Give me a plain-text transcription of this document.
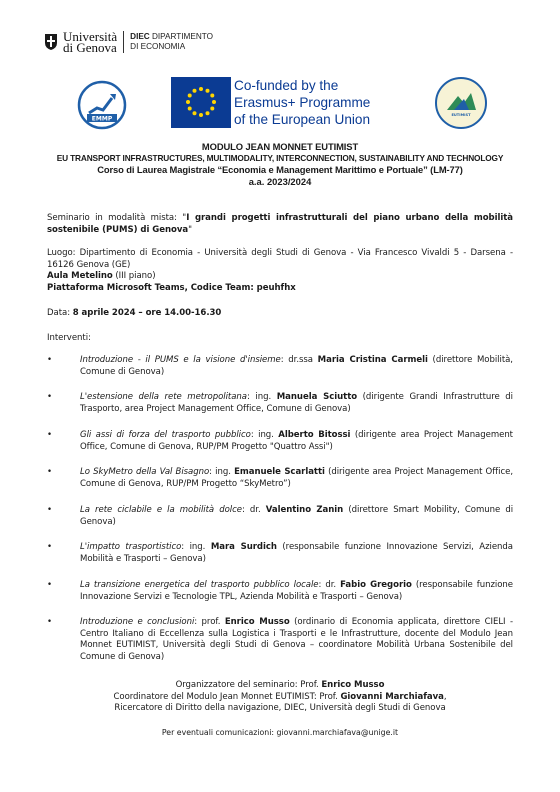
Università
di Genova
DIEC DIPARTIMENTO
DI ECONOMIA
EMMP
Co-funded by the
Erasmus+ Programme
of the European Union	EUTIMIST
MODULO JEAN MONNET EUTIMIST
EU TRANSPORT INFRASTRUCTURES, MULTIMODALITY, INTERCONNECTION, SUSTAINABILITY AND TECHNOLOGY
Corso di Laurea Magistrale “Economia e Management Marittimo e Portuale” (LM-77)
a.a. 2023/2024
Seminario in modalità mista: "I grandi progetti infrastrutturali del piano urbano della mobilità sostenibile (PUMS) di Genova"
Luogo: Dipartimento di Economia - Università degli Studi di Genova - Via Francesco Vivaldi 5 - Darsena - 16126 Genova (GE)
Aula Metelino (III piano)
Piattaforma Microsoft Teams, Codice Team: peuhfhx
Data: 8 aprile 2024 – ore 14.00-16.30
Interventi:
•	Introduzione - il PUMS e la visione d'insieme: dr.ssa Maria Cristina Carmeli (direttore Mobilità, Comune di Genova)
•	L'estensione della rete metropolitana: ing. Manuela Sciutto (dirigente Grandi Infrastrutture di Trasporto, area Project Management Office, Comune di Genova)
•	Gli assi di forza del trasporto pubblico: ing. Alberto Bitossi (dirigente area Project Management Office, Comune di Genova, RUP/PM Progetto "Quattro Assi")
•	Lo SkyMetro della Val Bisagno: ing. Emanuele Scarlatti (dirigente area Project Management Office, Comune di Genova, RUP/PM Progetto “SkyMetro”)
•	La rete ciclabile e la mobilità dolce: dr. Valentino Zanin (direttore Smart Mobility, Comune di Genova)
•	L'impatto trasportistico: ing. Mara Surdich (responsabile funzione Innovazione Servizi, Azienda Mobilità e Trasporti – Genova)
•	La transizione energetica del trasporto pubblico locale: dr. Fabio Gregorio (responsabile funzione Innovazione Servizi e Tecnologie TPL, Azienda Mobilità e Trasporti – Genova)
•	Introduzione e conclusioni: prof. Enrico Musso (ordinario di Economia applicata, direttore CIELI - Centro Italiano di Eccellenza sulla Logistica i Trasporti e le Infrastrutture, docente del Modulo Jean Monnet EUTIMIST, Università degli Studi di Genova – coordinatore Mobilità Urbana Sostenibile del Comune di Genova)
Organizzatore del seminario: Prof. Enrico Musso
Coordinatore del Modulo Jean Monnet EUTIMIST: Prof. Giovanni Marchiafava,
Ricercatore di Diritto della navigazione, DIEC, Università degli Studi di Genova
Per eventuali comunicazioni: giovanni.marchiafava@unige.it
